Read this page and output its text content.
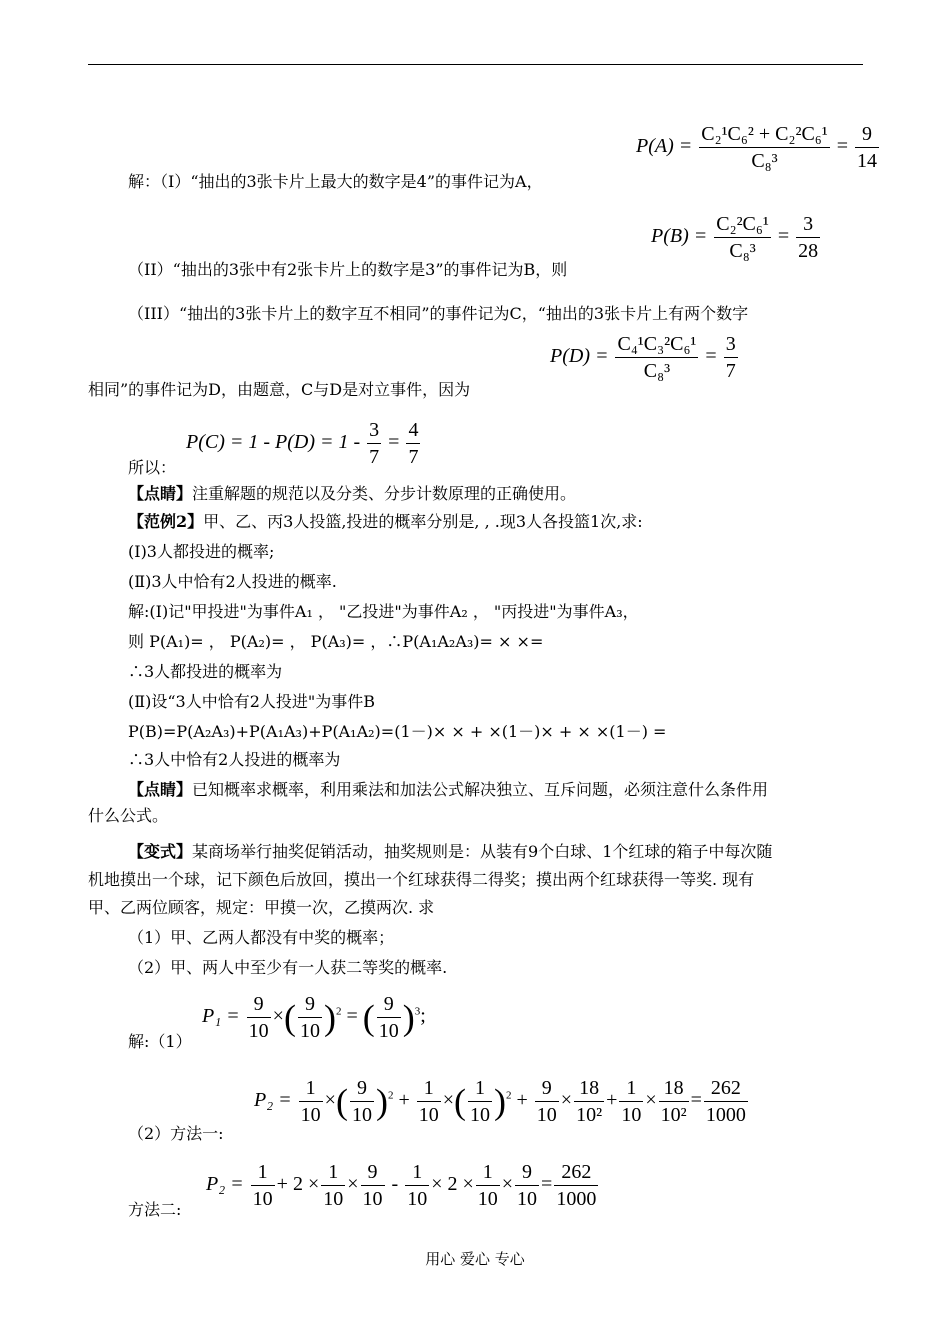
$P(A) = \frac{\text{C₂¹C₆² + C₂²C₆¹}}{\text{C₈³}} = \frac{9}{14}$
解：（I）“抽出的3张卡片上最大的数字是4”的事件记为A，
$P(B) = \frac{\text{C₂²C₆¹}}{\text{C₈³}} = \frac{3}{28}$
（II）“抽出的3张中有2张卡片上的数字是3”的事件记为B，则
（III）“抽出的3张卡片上的数字互不相同”的事件记为C，“抽出的3张卡片上有两个数字
$P(D) = \frac{\text{C₄¹C₃²C₆¹}}{\text{C₈³}} = \frac{3}{7}$
相同”的事件记为D，由题意，C与D是对立事件，因为
$P(C) = 1 - P(D) = 1 - \frac{3}{7} = \frac{4}{7}$
所以：
【点睛】注重解题的规范以及分类、分步计数原理的正确使用。
【范例2】甲、乙、丙3人投篮,投进的概率分别是, , .现3人各投篮1次,求:
(Ⅰ)3人都投进的概率;
(Ⅱ)3人中恰有2人投进的概率.
解:(Ⅰ)记"甲投进"为事件A₁ ， "乙投进"为事件A₂ ， "丙投进"为事件A₃，
则 P(A₁)= ， P(A₂)= ， P(A₃)= ，∴P(A₁A₂A₃)= × ×=
∴3人都投进的概率为
(Ⅱ)设“3人中恰有2人投进"为事件B
P(B)=P(A₂A₃)+P(A₁A₃)+P(A₁A₂)=(1－)× × + ×(1－)× + × ×(1－) =
∴3人中恰有2人投进的概率为
【点睛】已知概率求概率，利用乘法和加法公式解决独立、互斥问题，必须注意什么条件用
什么公式。
【变式】某商场举行抽奖促销活动，抽奖规则是：从装有9个白球、1个红球的箱子中每次随
机地摸出一个球，记下颜色后放回，摸出一个红球获得二得奖；摸出两个红球获得一等奖. 现有
甲、乙两位顾客，规定：甲摸一次，乙摸两次. 求
（1）甲、乙两人都没有中奖的概率；
（2）甲、两人中至少有一人获二等奖的概率.
$P_1 = \frac{9}{10}$ ×( $\frac{9}{10} )^2$ = ( $\frac{9}{10} )^3$;
解:（1）
$P_2 = \frac{1}{10}$ ×( $\frac{9}{10} )^2 + \frac{1}{10}$ ×( $\frac{1}{10} )^2 + \frac{9}{10} \times \frac{18}{\text{10²}} + \frac{1}{10} \times \frac{18}{\text{10²}} = \frac{262}{1000}$
（2）方法一:
$P_2 = \frac{1}{10} + 2 \times \frac{1}{10} \times \frac{9}{10} - \frac{1}{10} \times 2 \times \frac{1}{10} \times \frac{9}{10} = \frac{262}{1000}$
方法二:
用心 爱心 专心
